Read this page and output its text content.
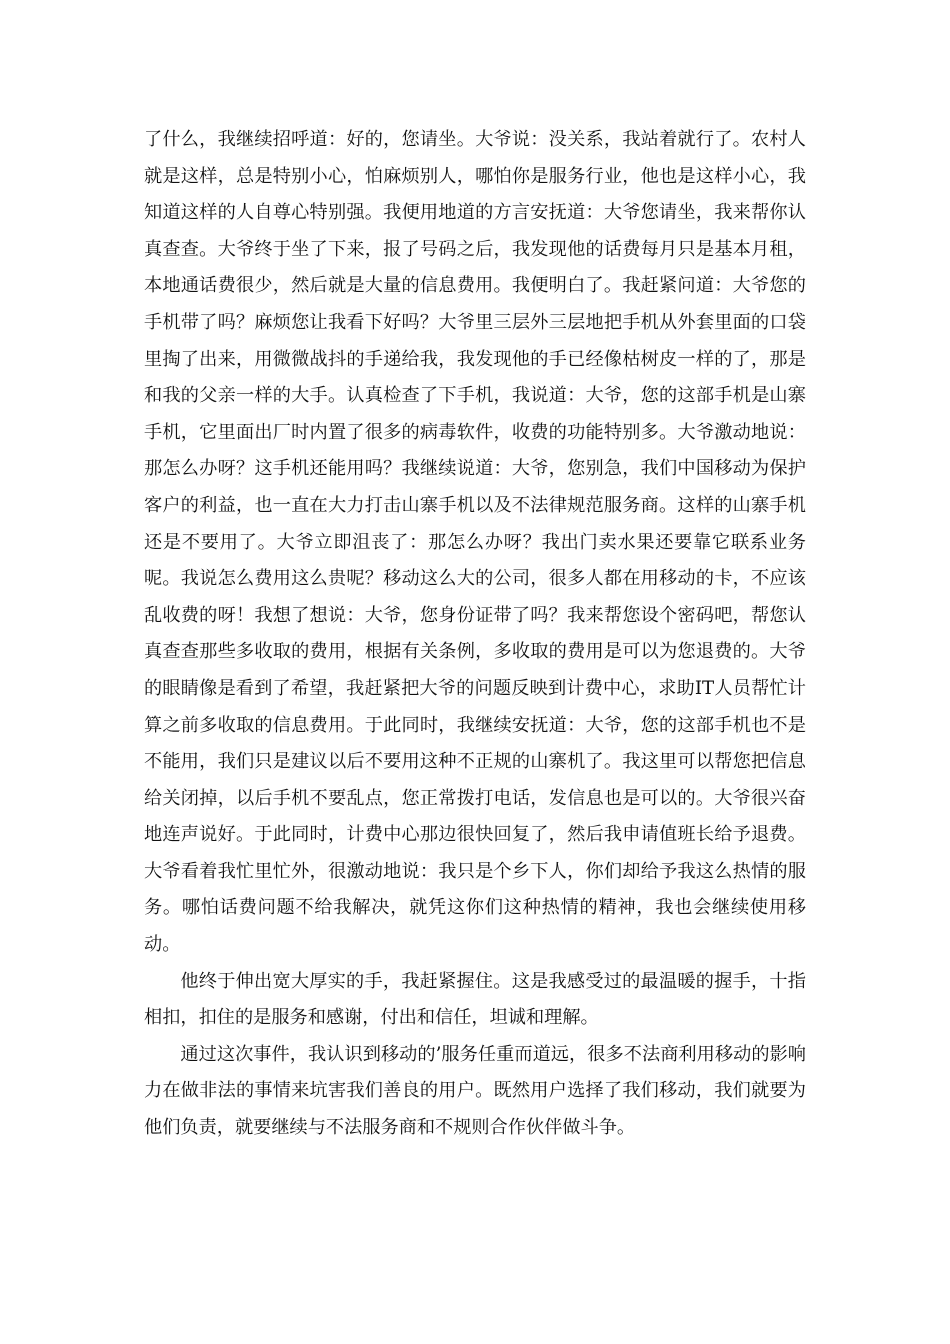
了什么，我继续招呼道：好的，您请坐。大爷说：没关系，我站着就行了。农村人就是这样，总是特别小心，怕麻烦别人，哪怕你是服务行业，他也是这样小心，我知道这样的人自尊心特别强。我便用地道的方言安抚道：大爷您请坐，我来帮你认真查查。大爷终于坐了下来，报了号码之后，我发现他的话费每月只是基本月租，本地通话费很少，然后就是大量的信息费用。我便明白了。我赶紧问道：大爷您的手机带了吗？麻烦您让我看下好吗？大爷里三层外三层地把手机从外套里面的口袋里掏了出来，用微微战抖的手递给我，我发现他的手已经像枯树皮一样的了，那是和我的父亲一样的大手。认真检查了下手机，我说道：大爷，您的这部手机是山寨手机，它里面出厂时内置了很多的病毒软件，收费的功能特别多。大爷激动地说：那怎么办呀？这手机还能用吗？我继续说道：大爷，您别急，我们中国移动为保护客户的利益，也一直在大力打击山寨手机以及不法律规范服务商。这样的山寨手机还是不要用了。大爷立即沮丧了：那怎么办呀？我出门卖水果还要靠它联系业务呢。我说怎么费用这么贵呢？移动这么大的公司，很多人都在用移动的卡，不应该乱收费的呀！我想了想说：大爷，您身份证带了吗？我来帮您设个密码吧，帮您认真查查那些多收取的费用，根据有关条例，多收取的费用是可以为您退费的。大爷的眼睛像是看到了希望，我赶紧把大爷的问题反映到计费中心，求助IT人员帮忙计算之前多收取的信息费用。于此同时，我继续安抚道：大爷，您的这部手机也不是不能用，我们只是建议以后不要用这种不正规的山寨机了。我这里可以帮您把信息给关闭掉，以后手机不要乱点，您正常拨打电话，发信息也是可以的。大爷很兴奋地连声说好。于此同时，计费中心那边很快回复了，然后我申请值班长给予退费。大爷看着我忙里忙外，很激动地说：我只是个乡下人，你们却给予我这么热情的服务。哪怕话费问题不给我解决，就凭这你们这种热情的精神，我也会继续使用移动。

他终于伸出宽大厚实的手，我赶紧握住。这是我感受过的最温暖的握手，十指相扣，扣住的是服务和感谢，付出和信任，坦诚和理解。

通过这次事件，我认识到移动的’服务任重而道远，很多不法商利用移动的影响力在做非法的事情来坑害我们善良的用户。既然用户选择了我们移动，我们就要为他们负责，就要继续与不法服务商和不规则合作伙伴做斗争。
